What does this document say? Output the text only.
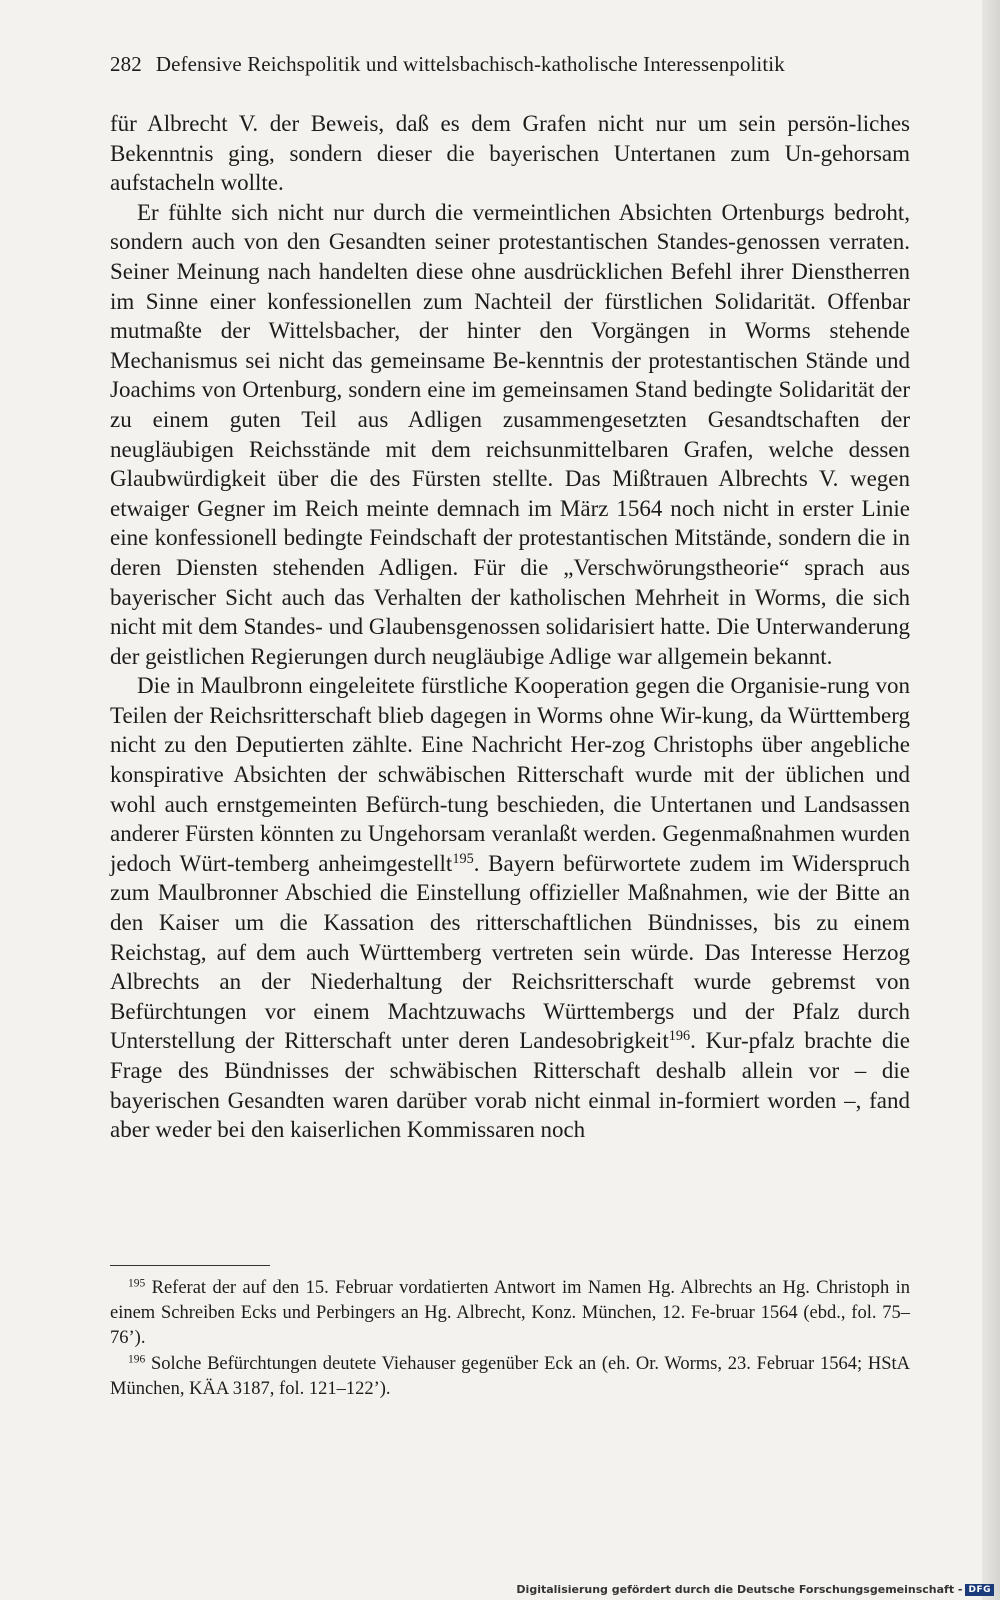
282 Defensive Reichspolitik und wittelsbachisch-katholische Interessenpolitik

für Albrecht V. der Beweis, daß es dem Grafen nicht nur um sein persön-liches Bekenntnis ging, sondern dieser die bayerischen Untertanen zum Un-gehorsam aufstacheln wollte.

Er fühlte sich nicht nur durch die vermeintlichen Absichten Ortenburgs bedroht, sondern auch von den Gesandten seiner protestantischen Standes-genossen verraten. Seiner Meinung nach handelten diese ohne ausdrücklichen Befehl ihrer Dienstherren im Sinne einer konfessionellen zum Nachteil der fürstlichen Solidarität. Offenbar mutmaßte der Wittelsbacher, der hinter den Vorgängen in Worms stehende Mechanismus sei nicht das gemeinsame Be-kenntnis der protestantischen Stände und Joachims von Ortenburg, sondern eine im gemeinsamen Stand bedingte Solidarität der zu einem guten Teil aus Adligen zusammengesetzten Gesandtschaften der neugläubigen Reichsstände mit dem reichsunmittelbaren Grafen, welche dessen Glaubwürdigkeit über die des Fürsten stellte. Das Mißtrauen Albrechts V. wegen etwaiger Gegner im Reich meinte demnach im März 1564 noch nicht in erster Linie eine konfessionell bedingte Feindschaft der protestantischen Mitstände, sondern die in deren Diensten stehenden Adligen. Für die „Verschwörungstheorie“ sprach aus bayerischer Sicht auch das Verhalten der katholischen Mehrheit in Worms, die sich nicht mit dem Standes- und Glaubensgenossen solidarisiert hatte. Die Unterwanderung der geistlichen Regierungen durch neugläubige Adlige war allgemein bekannt.

Die in Maulbronn eingeleitete fürstliche Kooperation gegen die Organisie-rung von Teilen der Reichsritterschaft blieb dagegen in Worms ohne Wir-kung, da Württemberg nicht zu den Deputierten zählte. Eine Nachricht Her-zog Christophs über angebliche konspirative Absichten der schwäbischen Ritterschaft wurde mit der üblichen und wohl auch ernstgemeinten Befürch-tung beschieden, die Untertanen und Landsassen anderer Fürsten könnten zu Ungehorsam veranlaßt werden. Gegenmaßnahmen wurden jedoch Würt-temberg anheimgestellt$^{195}$. Bayern befürwortete zudem im Widerspruch zum Maulbronner Abschied die Einstellung offizieller Maßnahmen, wie der Bitte an den Kaiser um die Kassation des ritterschaftlichen Bündnisses, bis zu einem Reichstag, auf dem auch Württemberg vertreten sein würde. Das Interesse Herzog Albrechts an der Niederhaltung der Reichsritterschaft wurde gebremst von Befürchtungen vor einem Machtzuwachs Württembergs und der Pfalz durch Unterstellung der Ritterschaft unter deren Landesobrigkeit$^{196}$. Kur-pfalz brachte die Frage des Bündnisses der schwäbischen Ritterschaft deshalb allein vor – die bayerischen Gesandten waren darüber vorab nicht einmal in-formiert worden –, fand aber weder bei den kaiserlichen Kommissaren noch

$^{195}$ Referat der auf den 15. Februar vordatierten Antwort im Namen Hg. Albrechts an Hg. Christoph in einem Schreiben Ecks und Perbingers an Hg. Albrecht, Konz. München, 12. Fe-bruar 1564 (ebd., fol. 75–76’).

$^{196}$ Solche Befürchtungen deutete Viehauser gegenüber Eck an (eh. Or. Worms, 23. Februar 1564; HStA München, KÄA 3187, fol. 121–122’).

Digitalisierung gefördert durch die Deutsche Forschungsgemeinschaft - DFG
